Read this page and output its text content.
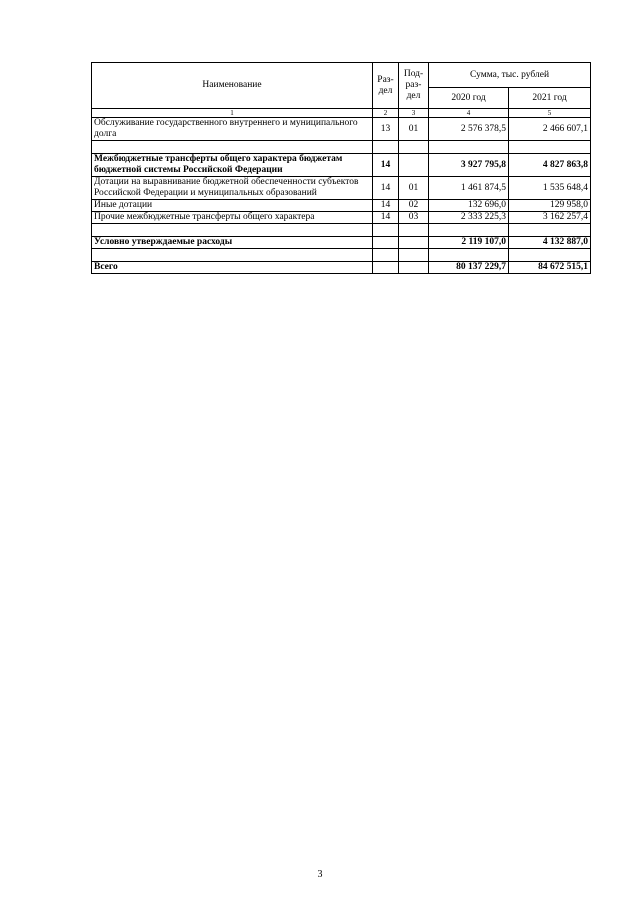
Наименование	Раз-дел	Под-раз-дел	Сумма, тыс. рублей	
			2020 год	2021 год
1	2	3	4	5
Обслуживание государственного внутреннего и муниципального долга	13	01	2 576 378,5	2 466 607,1

Межбюджетные трансферты общего характера бюджетам бюджетной системы Российской Федерации	14		3 927 795,8	4 827 863,8
Дотации на выравнивание бюджетной обеспеченности субъектов Российской Федерации и муниципальных образований	14	01	1 461 874,5	1 535 648,4
Иные дотации	14	02	132 696,0	129 958,0
Прочие межбюджетные трансферты общего характера	14	03	2 333 225,3	3 162 257,4

Условно утверждаемые расходы			2 119 107,0	4 132 887,0

Всего			80 137 229,7	84 672 515,1
3
